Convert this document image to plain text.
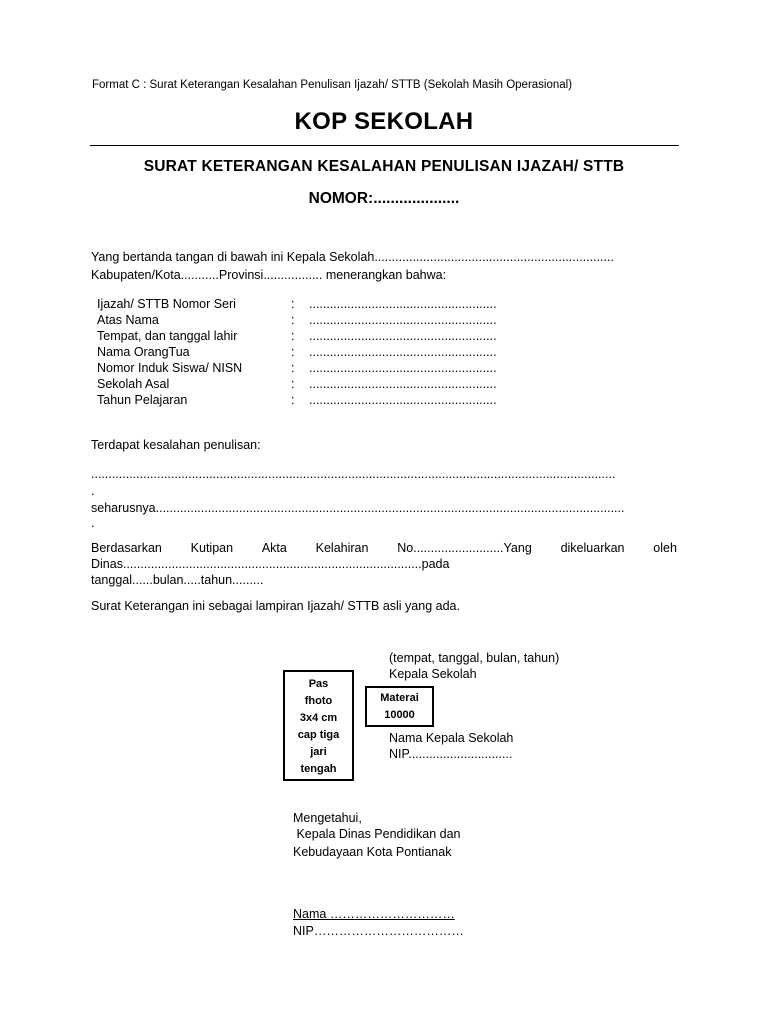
Format C : Surat Keterangan Kesalahan Penulisan Ijazah/ STTB (Sekolah Masih Operasional)
KOP SEKOLAH
SURAT KETERANGAN KESALAHAN PENULISAN IJAZAH/ STTB
NOMOR:....................
Yang bertanda tangan di bawah ini Kepala Sekolah.....................................................................
Kabupaten/Kota...........Provinsi................. menerangkan bahwa:
Ijazah/ STTB Nomor Seri	: ......................................................
Atas Nama	: ......................................................
Tempat, dan tanggal lahir	: ......................................................
Nama OrangTua	: ......................................................
Nomor Induk Siswa/ NISN	: ......................................................
Sekolah Asal	: ......................................................
Tahun Pelajaran	: ......................................................
Terdapat kesalahan penulisan:
.......................................................................................................................................................
.
seharusnya.......................................................................................................................................
.
Berdasarkan Kutipan Akta Kelahiran No..........................Yang dikeluarkan oleh
Dinas......................................................................................pada
tanggal......bulan.....tahun.........
Surat Keterangan ini sebagai lampiran Ijazah/ STTB asli yang ada.
(tempat, tanggal, bulan, tahun)
Kepala Sekolah
Pas
fhoto
3x4 cm
cap tiga
jari
tengah
Materai
10000
Nama Kepala Sekolah
NIP..............................
Mengetahui,
Kepala Dinas Pendidikan dan
Kebudayaan Kota Pontianak
Nama …………………………
NIP………………………………
